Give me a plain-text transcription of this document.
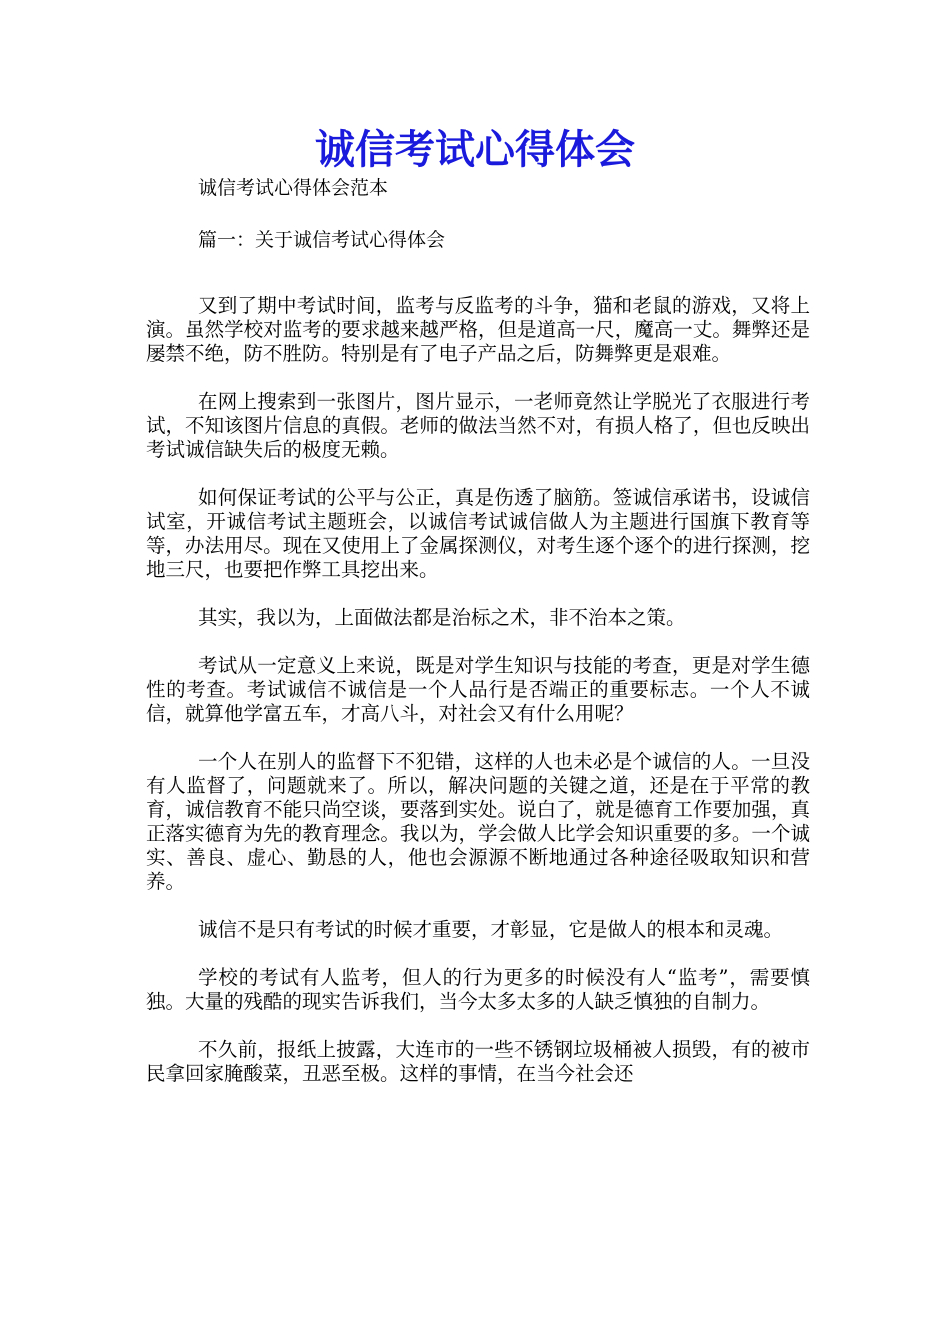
诚信考试心得体会

诚信考试心得体会范本

篇一：关于诚信考试心得体会

又到了期中考试时间，监考与反监考的斗争，猫和老鼠的游戏，又将上演。虽然学校对监考的要求越来越严格，但是道高一尺，魔高一丈。舞弊还是屡禁不绝，防不胜防。特别是有了电子产品之后，防舞弊更是艰难。

在网上搜索到一张图片，图片显示，一老师竟然让学脱光了衣服进行考试，不知该图片信息的真假。老师的做法当然不对，有损人格了，但也反映出考试诚信缺失后的极度无赖。

如何保证考试的公平与公正，真是伤透了脑筋。签诚信承诺书，设诚信试室，开诚信考试主题班会，以诚信考试诚信做人为主题进行国旗下教育等等，办法用尽。现在又使用上了金属探测仪，对考生逐个逐个的进行探测，挖地三尺，也要把作弊工具挖出来。

其实，我以为，上面做法都是治标之术，非不治本之策。

考试从一定意义上来说，既是对学生知识与技能的考查，更是对学生德性的考查。考试诚信不诚信是一个人品行是否端正的重要标志。一个人不诚信，就算他学富五车，才高八斗，对社会又有什么用呢？

一个人在别人的监督下不犯错，这样的人也未必是个诚信的人。一旦没有人监督了，问题就来了。所以，解决问题的关键之道，还是在于平常的教育，诚信教育不能只尚空谈，要落到实处。说白了，就是德育工作要加强，真正落实德育为先的教育理念。我以为，学会做人比学会知识重要的多。一个诚实、善良、虚心、勤恳的人，他也会源源不断地通过各种途径吸取知识和营养。

诚信不是只有考试的时候才重要，才彰显，它是做人的根本和灵魂。

学校的考试有人监考，但人的行为更多的时候没有人“监考”，需要慎独。大量的残酷的现实告诉我们，当今太多太多的人缺乏慎独的自制力。

不久前，报纸上披露，大连市的一些不锈钢垃圾桶被人损毁，有的被市民拿回家腌酸菜，丑恶至极。这样的事情，在当今社会还
